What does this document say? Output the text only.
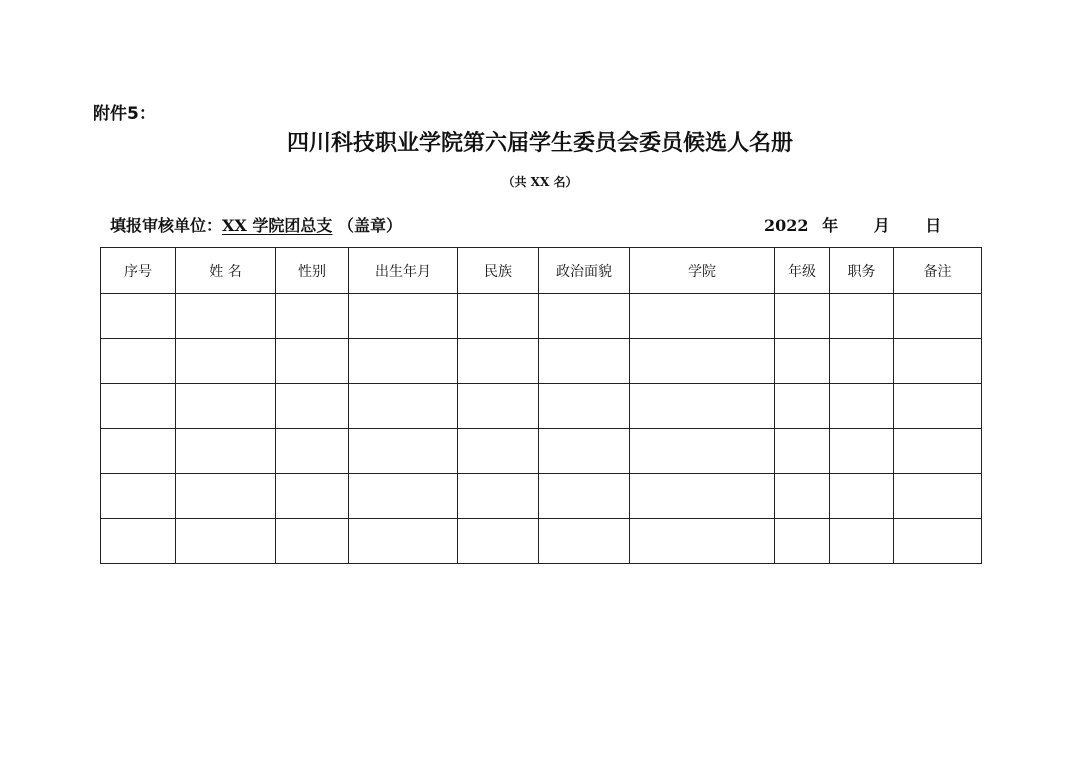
附件5：
四川科技职业学院第六届学生委员会委员候选人名册
（共 XX 名）
填报审核单位：XX 学院团总支 （盖章）	2022 年 月 日
序号	姓 名	性别	出生年月	民族	政治面貌	学院	年级	职务	备注
